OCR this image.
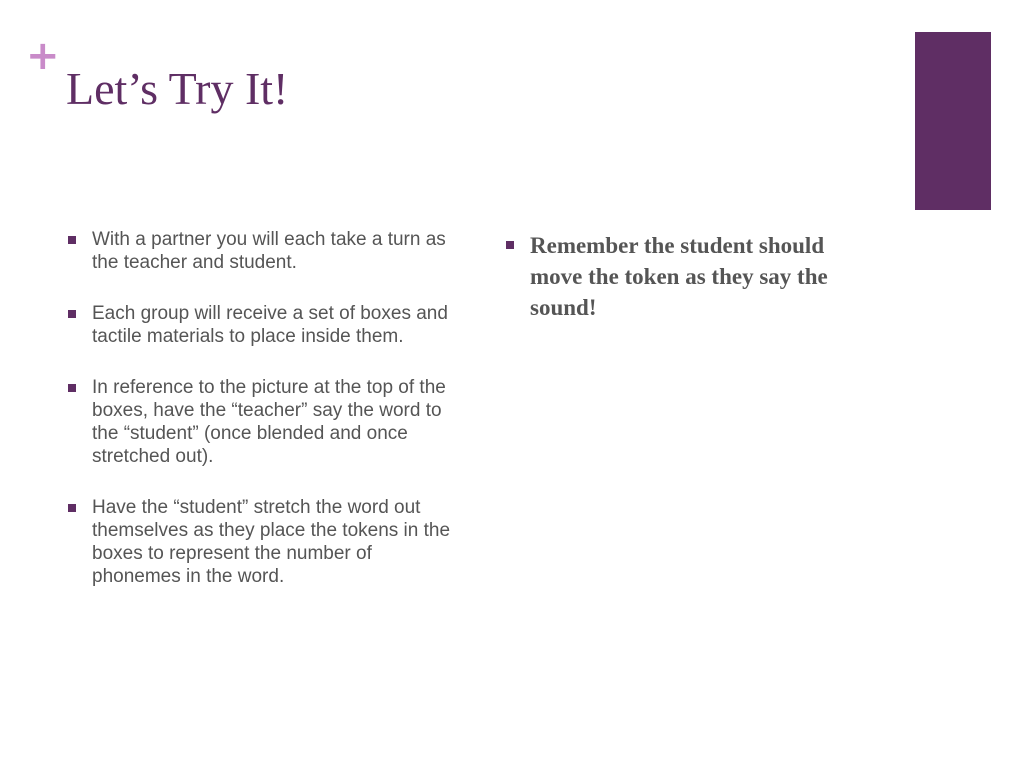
+
Let’s Try It!
With a partner you will each take a turn as the teacher and student.
Each group will receive a set of boxes and tactile materials to place inside them.
In reference to the picture at the top of the boxes, have the “teacher” say the word to the “student” (once blended and once stretched out).
Have the “student” stretch the word out themselves as they place the tokens in the boxes to represent the number of phonemes in the word.
Remember the student should move the token as they say the sound!
